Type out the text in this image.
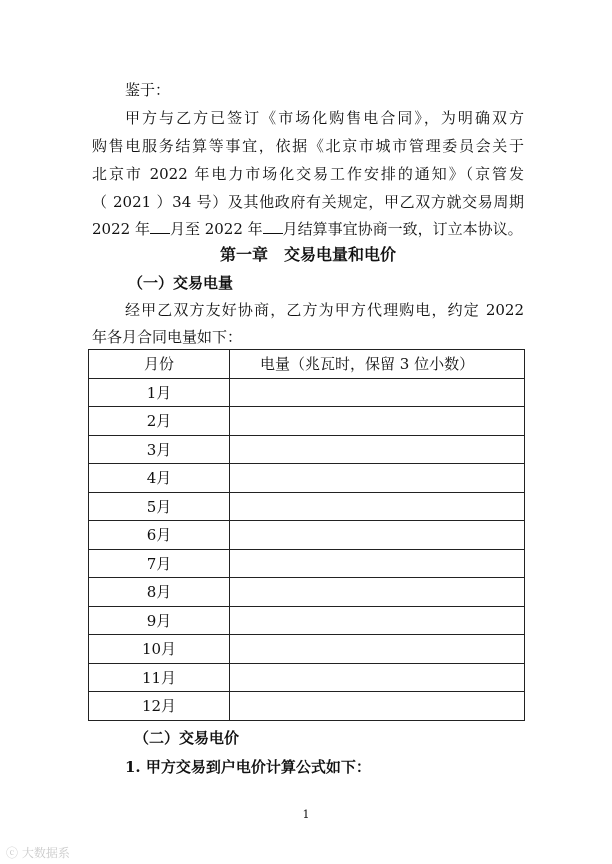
鉴于：
甲方与乙方已签订《市场化购售电合同》，为明确双方
购售电服务结算等事宜，依据《北京市城市管理委员会关于
北京市 2022 年电力市场化交易工作安排的通知》（京管发
（ 2021 ）34 号）及其他政府有关规定，甲乙双方就交易周期
2022 年 月至 2022 年 月结算事宜协商一致，订立本协议。
第一章　交易电量和电价
（一）交易电量
经甲乙双方友好协商，乙方为甲方代理购电，约定 2022
年各月合同电量如下：
月份	电量（兆瓦时，保留 3 位小数）
1月	
2月	
3月	
4月	
5月	
6月	
7月	
8月	
9月	
10月	
11月	
12月	
（二）交易电价
1. 甲方交易到户电价计算公式如下：
1
ⓒ 大数据系
